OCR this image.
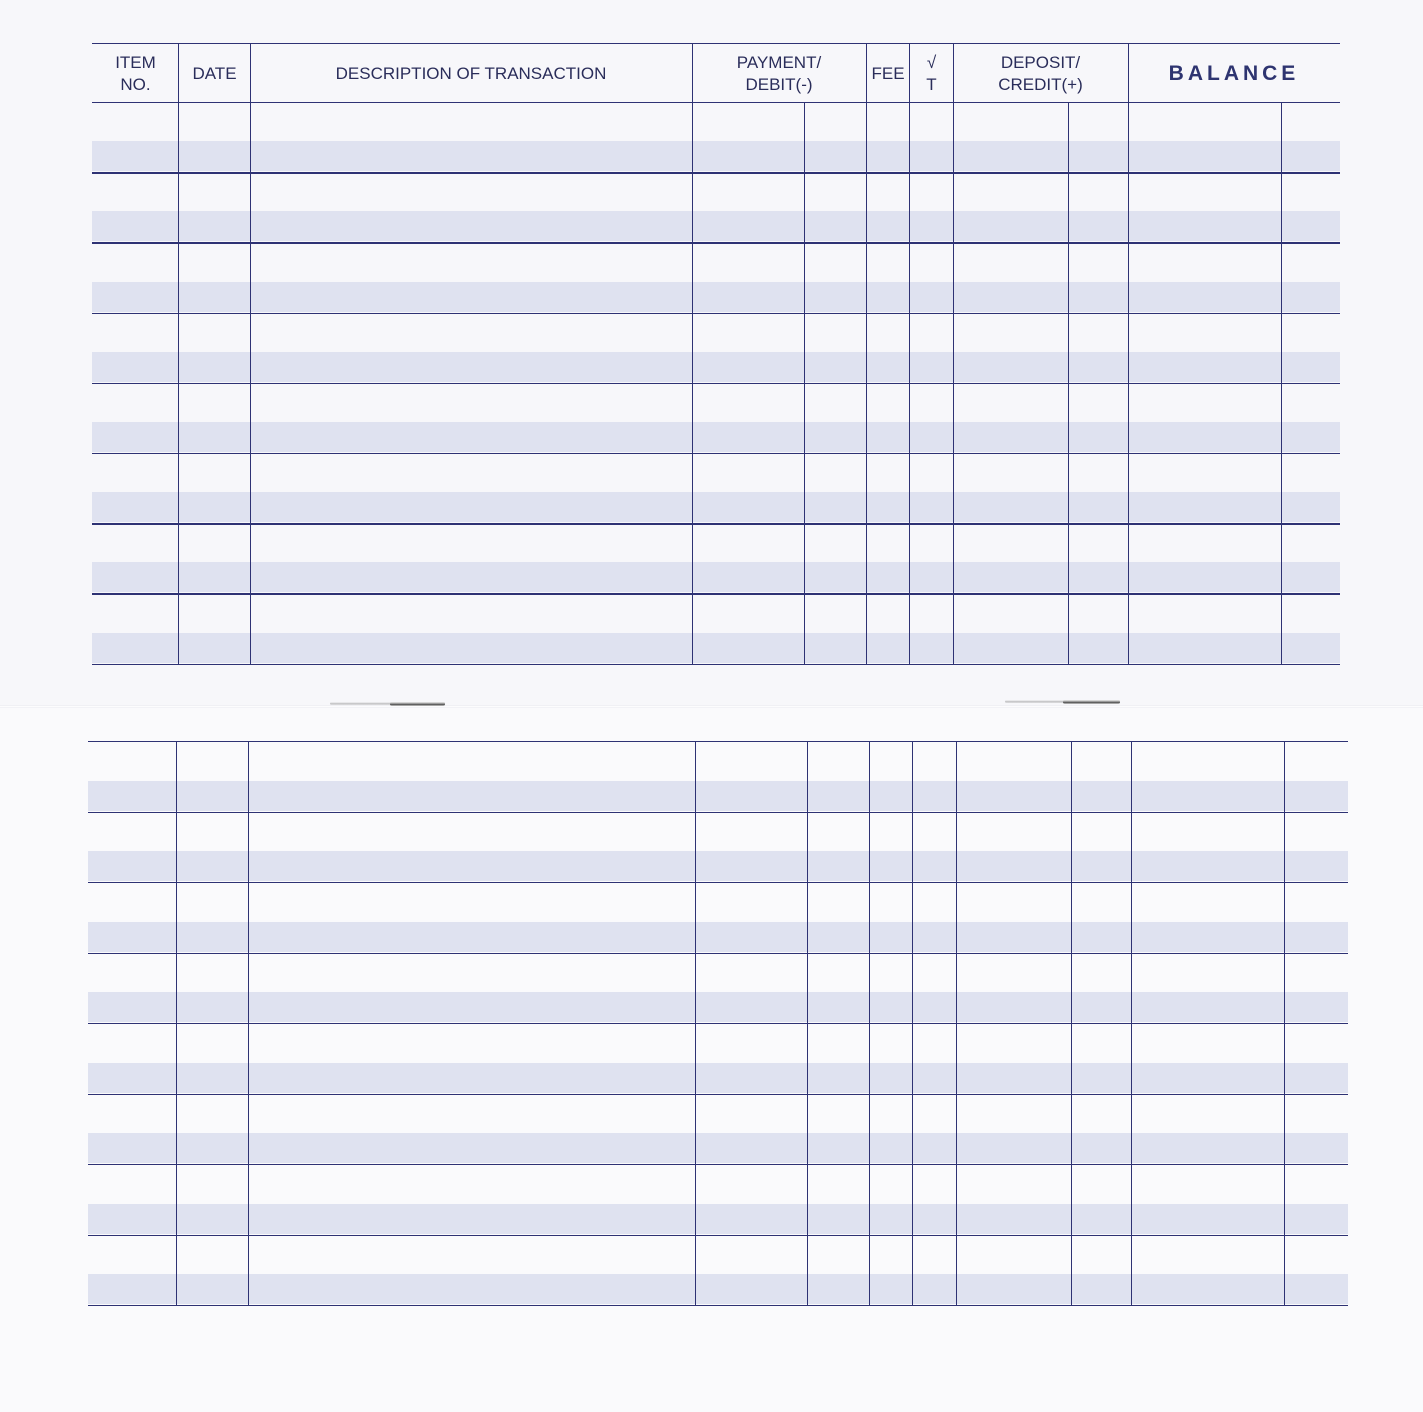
ITEM
NO.
DATE	DESCRIPTION OF TRANSACTION
PAYMENT/
DEBIT(-)
FEE
√
T
DEPOSIT/
CREDIT(+)	BALANCE
